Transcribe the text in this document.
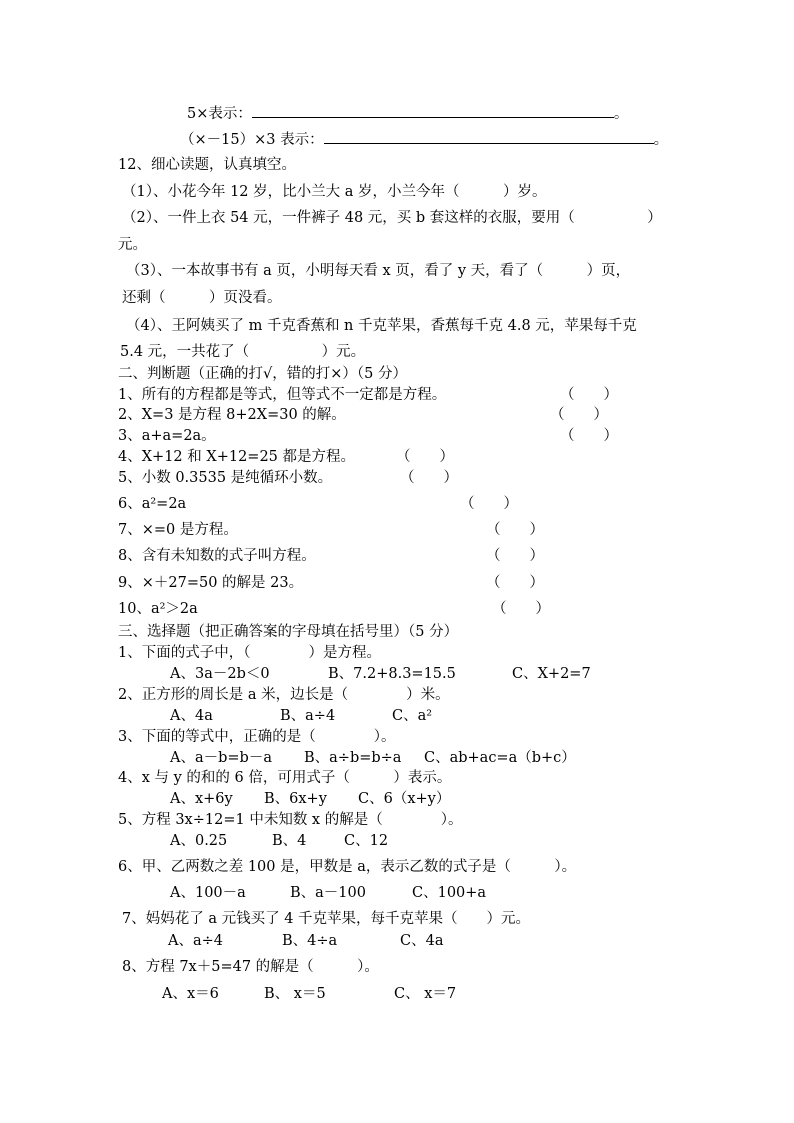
5×表示：	。
（×－15）×3 表示：	。
12、细心读题，认真填空。
（1）、小花今年 12 岁，比小兰大 a 岁，小兰今年（　　　）岁。
（2）、一件上衣 54 元，一件裤子 48 元，买 b 套这样的衣服，要用（　　　　　）
元。
（3）、一本故事书有 a 页，小明每天看 x 页，看了 y 天，看了（　　　）页，
还剩（　　　）页没看。
（4）、王阿姨买了 m 千克香蕉和 n 千克苹果，香蕉每千克 4.8 元，苹果每千克
5.4 元，一共花了（　　　　　）元。
二、判断题（正确的打√，错的打×）（5 分）
1、所有的方程都是等式，但等式不一定都是方程。	（　　）
2、X=3 是方程 8+2X=30 的解。	（　　）
3、a+a=2a。	（　　）
4、X+12 和 X+12=25 都是方程。	（　　）
5、小数 0.3535 是纯循环小数。	（　　）
6、a²=2a	（　　）
7、×=0 是方程。	（　　）
8、含有未知数的式子叫方程。	（　　）
9、×＋27=50 的解是 23。	（　　）
10、a²＞2a	（　　）
三、选择题（把正确答案的字母填在括号里）（5 分）
1、下面的式子中，（　　　　）是方程。
A、3a－2b＜0	B、7.2+8.3=15.5	C、X+2=7
2、正方形的周长是 a 米，边长是（　　　　）米。
A、4a	B、a÷4	C、a²
3、下面的等式中，正确的是（　　　　）。
A、a－b=b－a B、a÷b=b÷a C、ab+ac=a（b+c）
4、x 与 y 的和的 6 倍，可用式子（　　　）表示。
A、x+6y B、6x+y C、6（x+y）
5、方程 3x÷12=1 中未知数 x 的解是（　　　　）。
A、0.25	B、4	C、12
6、甲、乙两数之差 100 是，甲数是 a，表示乙数的式子是（　　　）。
A、100－a	B、a－100	C、100+a
7、妈妈花了 a 元钱买了 4 千克苹果，每千克苹果（　　）元。
A、a÷4	B、4÷a	C、4a
8、方程 7x＋5=47 的解是（　　　）。
A、x＝6	B、 x＝5	C、 x＝7
